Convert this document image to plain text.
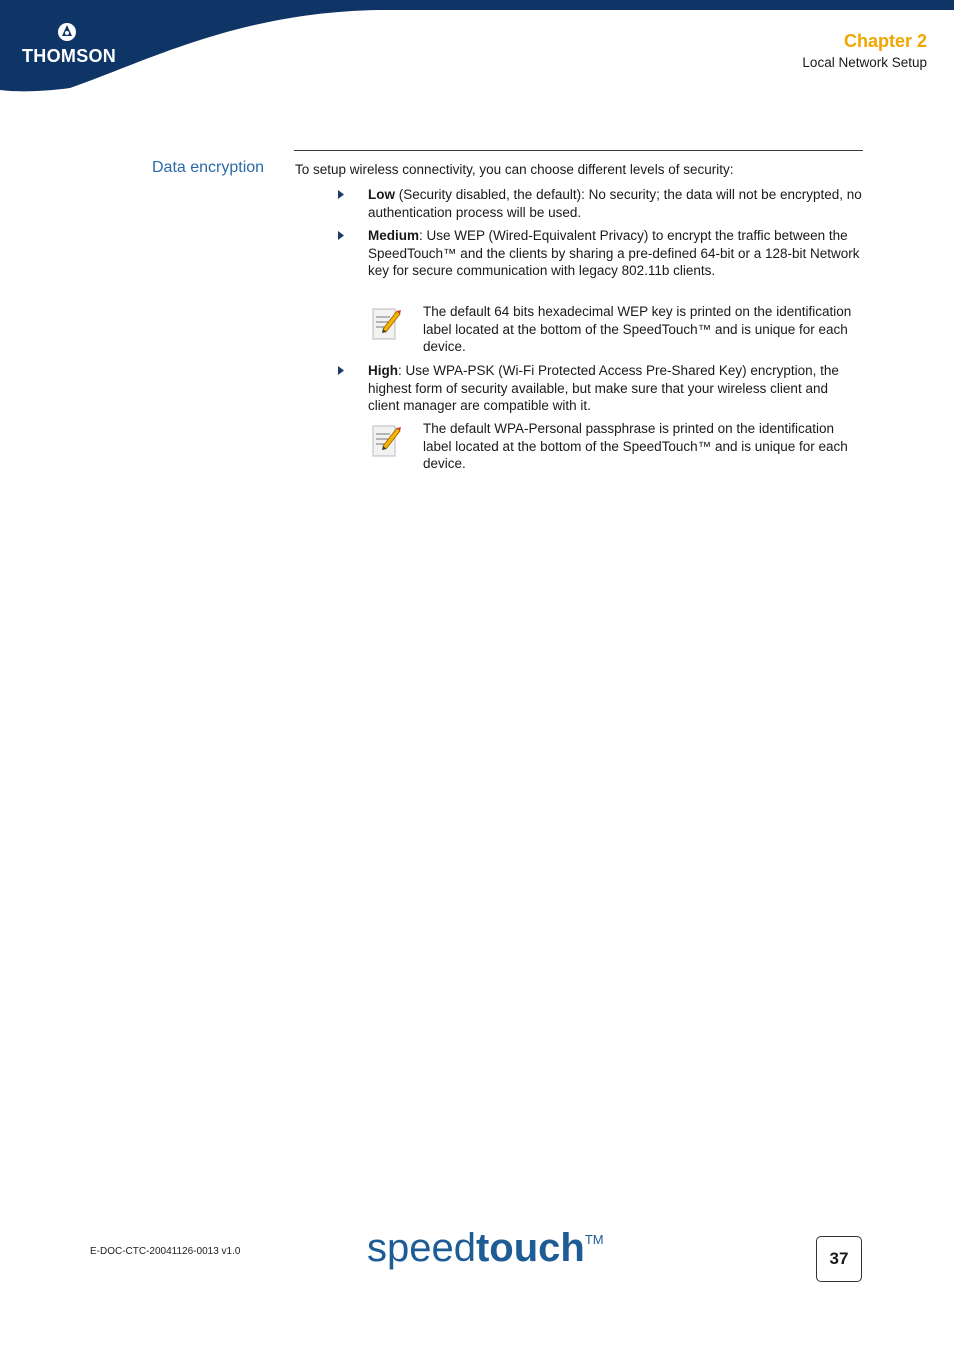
THOMSON
Chapter 2
Local Network Setup
Data encryption To setup wireless connectivity, you can choose different levels of security:
Low (Security disabled, the default): No security; the data will not be encrypted, no authentication process will be used.
Medium: Use WEP (Wired-Equivalent Privacy) to encrypt the traffic between the SpeedTouch™ and the clients by sharing a pre-defined 64-bit or a 128-bit Network key for secure communication with legacy 802.11b clients.
The default 64 bits hexadecimal WEP key is printed on the identification label located at the bottom of the SpeedTouch™ and is unique for each device.
High: Use WPA-PSK (Wi-Fi Protected Access Pre-Shared Key) encryption, the highest form of security available, but make sure that your wireless client and client manager are compatible with it.
The default WPA-Personal passphrase is printed on the identification label located at the bottom of the SpeedTouch™ and is unique for each device.
E-DOC-CTC-20041126-0013 v1.0	speedtouch™
37
